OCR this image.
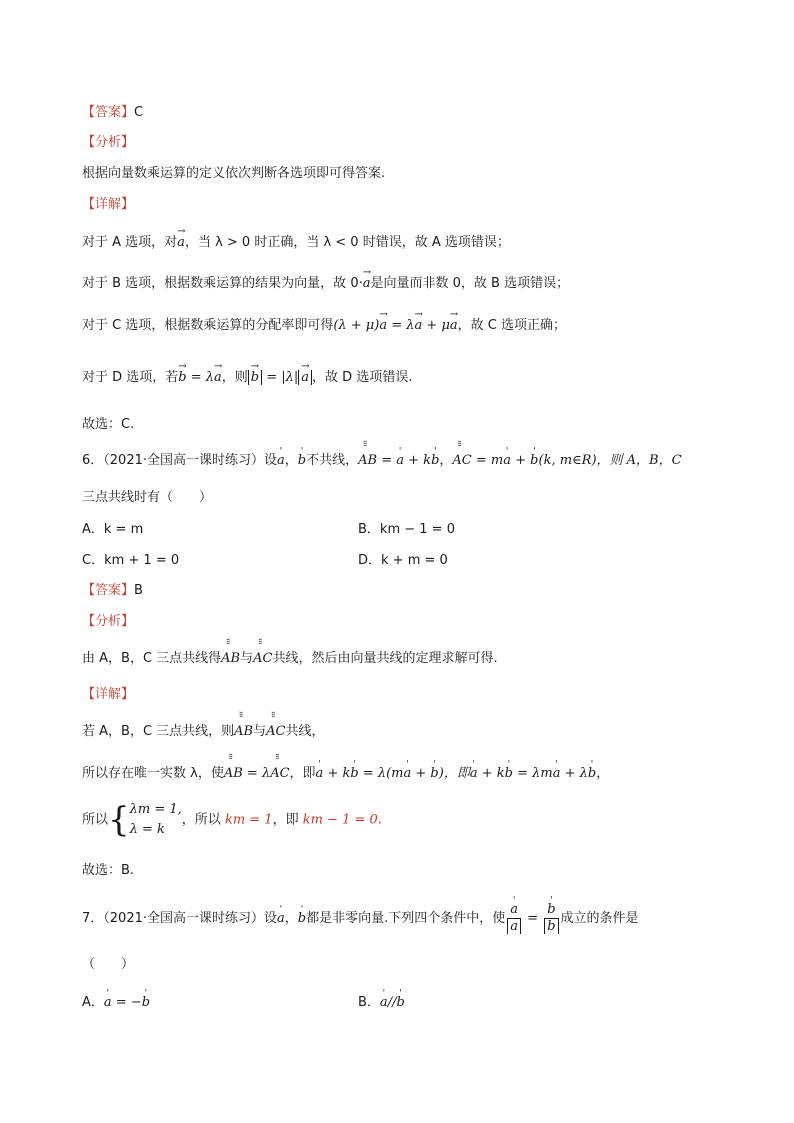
【答案】C
【分析】
根据向量数乘运算的定义依次判断各选项即可得答案.
【详解】
对于 A 选项，对→ a，当 λ > 0 时正确，当 λ < 0 时错误，故 A 选项错误；
对于 B 选项，根据数乘运算的结果为向量，故 0·→ a是向量而非数 0，故 B 选项错误；
对于 C 选项，根据数乘运算的分配率即可得(λ + μ)→ a = λ→ a + μ→ a，故 C 选项正确；
对于 D 选项，若→ b = λ→ a，则 → b = |λ| → a ，故 D 选项错误.
故选：C.
6．（2021·全国高一课时练习）设' a，' b不共线，̆̆̆ AB = ' a + k' b，̆̆̆ AC = m' a + ' b(k, m∈R)，则 A，B，C
三点共线时有（　　）
A．k = m	B．km − 1 = 0
C．km + 1 = 0	D．k + m = 0
【答案】B
【分析】
由 A，B，C 三点共线得̆̆̆ AB与̆̆̆ AC共线，然后由向量共线的定理求解可得.
【详解】
若 A，B，C 三点共线，则̆̆̆ AB与̆̆̆ AC共线，
所以存在唯一实数 λ，使̆̆̆ AB = λ̆̆̆ AC，即' a + k' b = λ(m' a + ' b)，即' a + k' b = λm' a + λ' b，
所以{ λm = 1,
λ = k
，所以 km = 1，即 km − 1 = 0.
故选：B.
7．（2021·全国高一课时练习）设' a，' b都是非零向量.下列四个条件中，使 ' $\frac{a}{a}$ = ' $\frac{b}{b}$ 成立的条件是
（　　）
A．' a = −' b	B．' a//' b
